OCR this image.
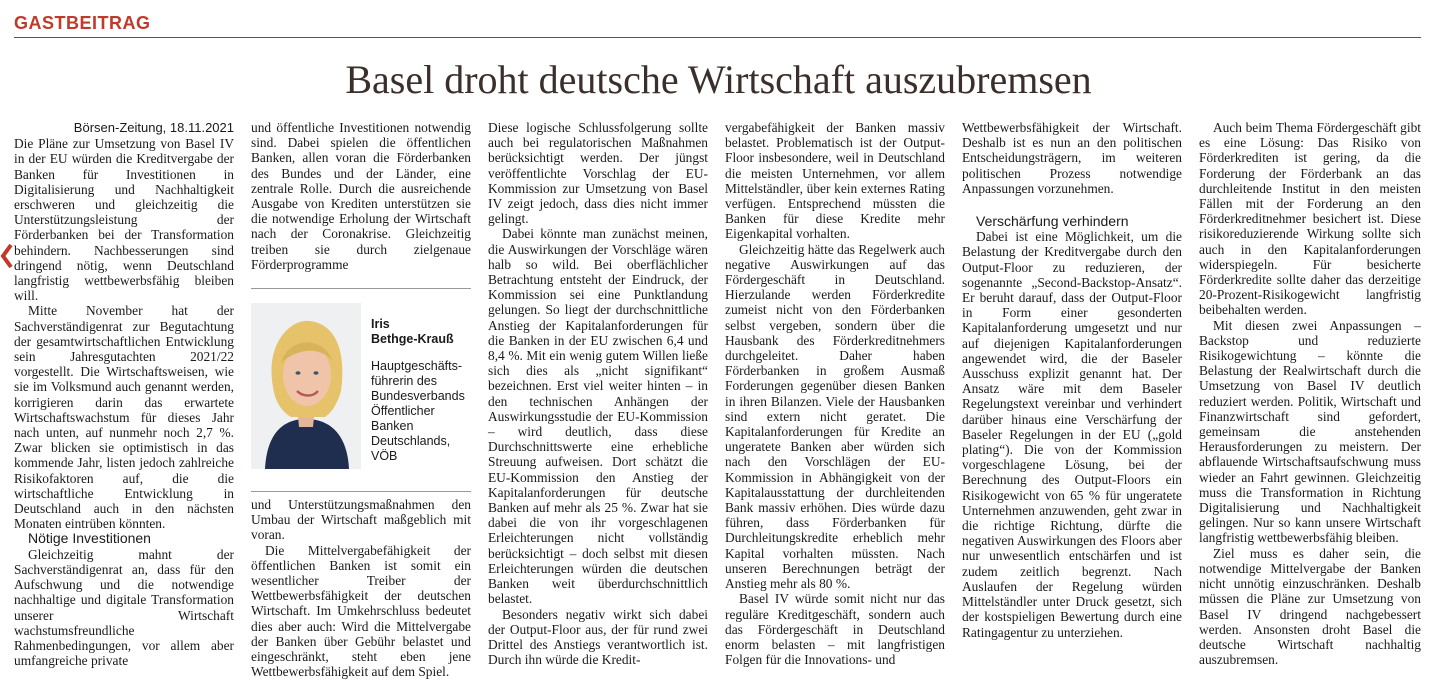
GASTBEITRAG
Basel droht deutsche Wirtschaft auszubremsen
Börsen-Zeitung, 18.11.2021

Die Pläne zur Umsetzung von Basel IV in der EU würden die Kreditvergabe der Banken für Investitionen in Digitalisierung und Nachhaltigkeit erschweren und gleichzeitig die Unterstützungsleistung der Förderbanken bei der Transformation behindern. Nachbesserungen sind dringend nötig, wenn Deutschland langfristig wettbewerbsfähig bleiben will.

Mitte November hat der Sachverständigenrat zur Begutachtung der gesamtwirtschaftlichen Entwicklung sein Jahresgutachten 2021/22 vorgestellt. Die Wirtschaftsweisen, wie sie im Volksmund auch genannt werden, korrigieren darin das erwartete Wirtschaftswachstum für dieses Jahr nach unten, auf nunmehr noch 2,7 %. Zwar blicken sie optimistisch in das kommende Jahr, listen jedoch zahlreiche Risikofaktoren auf, die die wirtschaftliche Entwicklung in Deutschland auch in den nächsten Monaten eintrüben könnten.

Nötige Investitionen

Gleichzeitig mahnt der Sachverständigenrat an, dass für den Aufschwung und die notwendige nachhaltige und digitale Transformation unserer Wirtschaft wachstumsfreundliche Rahmenbedingungen, vor allem aber umfangreiche private

und öffentliche Investitionen notwendig sind. Dabei spielen die öffentlichen Banken, allen voran die Förderbanken des Bundes und der Länder, eine zentrale Rolle. Durch die ausreichende Ausgabe von Krediten unterstützen sie die notwendige Erholung der Wirtschaft nach der Coronakrise. Gleichzeitig treiben sie durch zielgenaue Förderprogramme

Iris
Bethge-Krauß
Hauptgeschäftsführerin des Bundesverbands Öffentlicher Banken Deutschlands, VÖB

und Unterstützungsmaßnahmen den Umbau der Wirtschaft maßgeblich mit voran.

Die Mittelvergabefähigkeit der öffentlichen Banken ist somit ein wesentlicher Treiber der Wettbewerbsfähigkeit der deutschen Wirtschaft. Im Umkehrschluss bedeutet dies aber auch: Wird die Mittelvergabe der Banken über Gebühr belastet und eingeschränkt, steht eben jene Wettbewerbsfähigkeit auf dem Spiel.

Diese logische Schlussfolgerung sollte auch bei regulatorischen Maßnahmen berücksichtigt werden. Der jüngst veröffentlichte Vorschlag der EU-Kommission zur Umsetzung von Basel IV zeigt jedoch, dass dies nicht immer gelingt.

Dabei könnte man zunächst meinen, die Auswirkungen der Vorschläge wären halb so wild. Bei oberflächlicher Betrachtung entsteht der Eindruck, der Kommission sei eine Punktlandung gelungen. So liegt der durchschnittliche Anstieg der Kapitalanforderungen für die Banken in der EU zwischen 6,4 und 8,4 %. Mit ein wenig gutem Willen ließe sich dies als „nicht signifikant“ bezeichnen. Erst viel weiter hinten – in den technischen Anhängen der Auswirkungsstudie der EU-Kommission – wird deutlich, dass diese Durchschnittswerte eine erhebliche Streuung aufweisen. Dort schätzt die EU-Kommission den Anstieg der Kapitalanforderungen für deutsche Banken auf mehr als 25 %. Zwar hat sie dabei die von ihr vorgeschlagenen Erleichterungen nicht vollständig berücksichtigt – doch selbst mit diesen Erleichterungen würden die deutschen Banken weit überdurchschnittlich belastet.

Besonders negativ wirkt sich dabei der Output-Floor aus, der für rund zwei Drittel des Anstiegs verantwortlich ist. Durch ihn würde die Kredit-

vergabefähigkeit der Banken massiv belastet. Problematisch ist der Output-Floor insbesondere, weil in Deutschland die meisten Unternehmen, vor allem Mittelständler, über kein externes Rating verfügen. Entsprechend müssten die Banken für diese Kredite mehr Eigenkapital vorhalten.

Gleichzeitig hätte das Regelwerk auch negative Auswirkungen auf das Fördergeschäft in Deutschland. Hierzulande werden Förderkredite zumeist nicht von den Förderbanken selbst vergeben, sondern über die Hausbank des Förderkreditnehmers durchgeleitet. Daher haben Förderbanken in großem Ausmaß Forderungen gegenüber diesen Banken in ihren Bilanzen. Viele der Hausbanken sind extern nicht geratet. Die Kapitalanforderungen für Kredite an ungeratete Banken aber würden sich nach den Vorschlägen der EU-Kommission in Abhängigkeit von der Kapitalausstattung der durchleitenden Bank massiv erhöhen. Dies würde dazu führen, dass Förderbanken für Durchleitungskredite erheblich mehr Kapital vorhalten müssten. Nach unseren Berechnungen beträgt der Anstieg mehr als 80 %.

Basel IV würde somit nicht nur das reguläre Kreditgeschäft, sondern auch das Fördergeschäft in Deutschland enorm belasten – mit langfristigen Folgen für die Innovations- und

Wettbewerbsfähigkeit der Wirtschaft. Deshalb ist es nun an den politischen Entscheidungsträgern, im weiteren politischen Prozess notwendige Anpassungen vorzunehmen.

Verschärfung verhindern

Dabei ist eine Möglichkeit, um die Belastung der Kreditvergabe durch den Output-Floor zu reduzieren, der sogenannte „Second-Backstop-Ansatz“. Er beruht darauf, dass der Output-Floor in Form einer gesonderten Kapitalanforderung umgesetzt und nur auf diejenigen Kapitalanforderungen angewendet wird, die der Baseler Ausschuss explizit genannt hat. Der Ansatz wäre mit dem Baseler Regelungstext vereinbar und verhindert darüber hinaus eine Verschärfung der Baseler Regelungen in der EU („gold plating“). Die von der Kommission vorgeschlagene Lösung, bei der Berechnung des Output-Floors ein Risikogewicht von 65 % für ungeratete Unternehmen anzuwenden, geht zwar in die richtige Richtung, dürfte die negativen Auswirkungen des Floors aber nur unwesentlich entschärfen und ist zudem zeitlich begrenzt. Nach Auslaufen der Regelung würden Mittelständler unter Druck gesetzt, sich der kostspieligen Bewertung durch eine Ratingagentur zu unterziehen.

Auch beim Thema Fördergeschäft gibt es eine Lösung: Das Risiko von Förderkrediten ist gering, da die Forderung der Förderbank an das durchleitende Institut in den meisten Fällen mit der Forderung an den Förderkreditnehmer besichert ist. Diese risikoreduzierende Wirkung sollte sich auch in den Kapitalanforderungen widerspiegeln. Für besicherte Förderkredite sollte daher das derzeitige 20-Prozent-Risikogewicht langfristig beibehalten werden.

Mit diesen zwei Anpassungen – Backstop und reduzierte Risikogewichtung – könnte die Belastung der Realwirtschaft durch die Umsetzung von Basel IV deutlich reduziert werden. Politik, Wirtschaft und Finanzwirtschaft sind gefordert, gemeinsam die anstehenden Herausforderungen zu meistern. Der abflauende Wirtschaftsaufschwung muss wieder an Fahrt gewinnen. Gleichzeitig muss die Transformation in Richtung Digitalisierung und Nachhaltigkeit gelingen. Nur so kann unsere Wirtschaft langfristig wettbewerbsfähig bleiben.

Ziel muss es daher sein, die notwendige Mittelvergabe der Banken nicht unnötig einzuschränken. Deshalb müssen die Pläne zur Umsetzung von Basel IV dringend nachgebessert werden. Ansonsten droht Basel die deutsche Wirtschaft nachhaltig auszubremsen.
